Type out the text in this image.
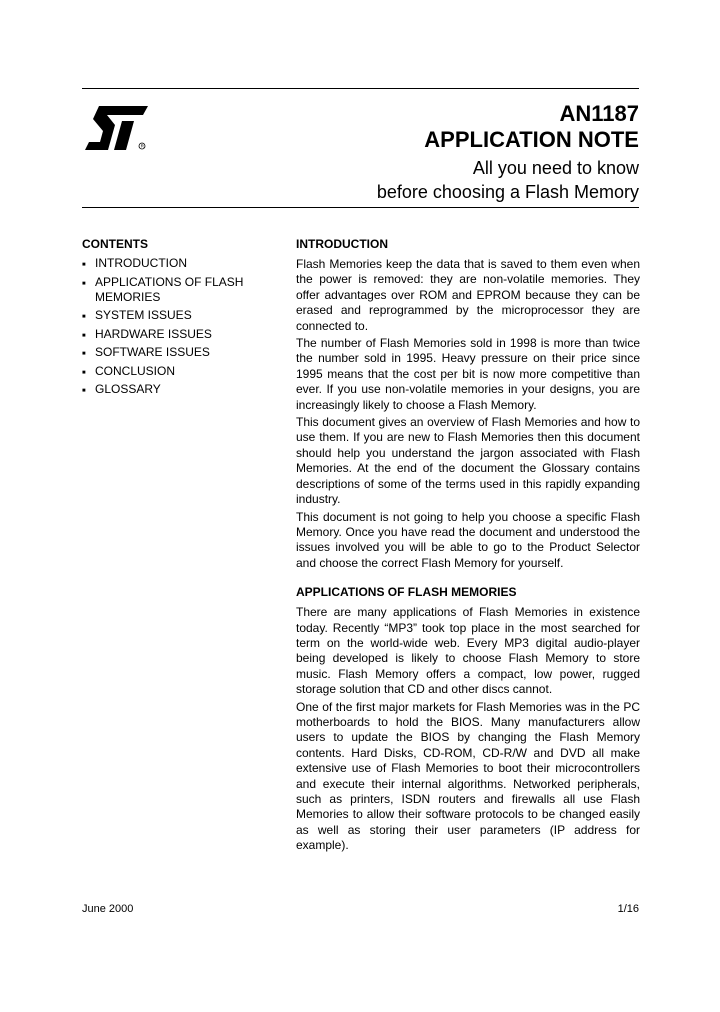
R
AN1187
APPLICATION NOTE
All you need to know
before choosing a Flash Memory
CONTENTS
■ INTRODUCTION
■ APPLICATIONS OF FLASH MEMORIES
■ SYSTEM ISSUES
■ HARDWARE ISSUES
■ SOFTWARE ISSUES
■ CONCLUSION
■ GLOSSARY
INTRODUCTION

Flash Memories keep the data that is saved to them even when the power is removed: they are non-volatile memories. They offer advantages over ROM and EPROM because they can be erased and reprogrammed by the microprocessor they are connected to.

The number of Flash Memories sold in 1998 is more than twice the number sold in 1995. Heavy pressure on their price since 1995 means that the cost per bit is now more competitive than ever. If you use non-volatile memories in your designs, you are increasingly likely to choose a Flash Memory.

This document gives an overview of Flash Memories and how to use them. If you are new to Flash Memories then this document should help you understand the jargon associated with Flash Memories. At the end of the document the Glossary contains descriptions of some of the terms used in this rapidly expanding industry.

This document is not going to help you choose a specific Flash Memory. Once you have read the document and understood the issues involved you will be able to go to the Product Selector and choose the correct Flash Memory for yourself.

APPLICATIONS OF FLASH MEMORIES

There are many applications of Flash Memories in existence today. Recently “MP3” took top place in the most searched for term on the world-wide web. Every MP3 digital audio-player being developed is likely to choose Flash Memory to store music. Flash Memory offers a compact, low power, rugged storage solution that CD and other discs cannot.

One of the first major markets for Flash Memories was in the PC motherboards to hold the BIOS. Many manufacturers allow users to update the BIOS by changing the Flash Memory contents. Hard Disks, CD-ROM, CD-R/W and DVD all make extensive use of Flash Memories to boot their microcontrollers and execute their internal algorithms. Networked peripherals, such as printers, ISDN routers and firewalls all use Flash Memories to allow their software protocols to be changed easily as well as storing their user parameters (IP address for example).

June 2000	1/16
